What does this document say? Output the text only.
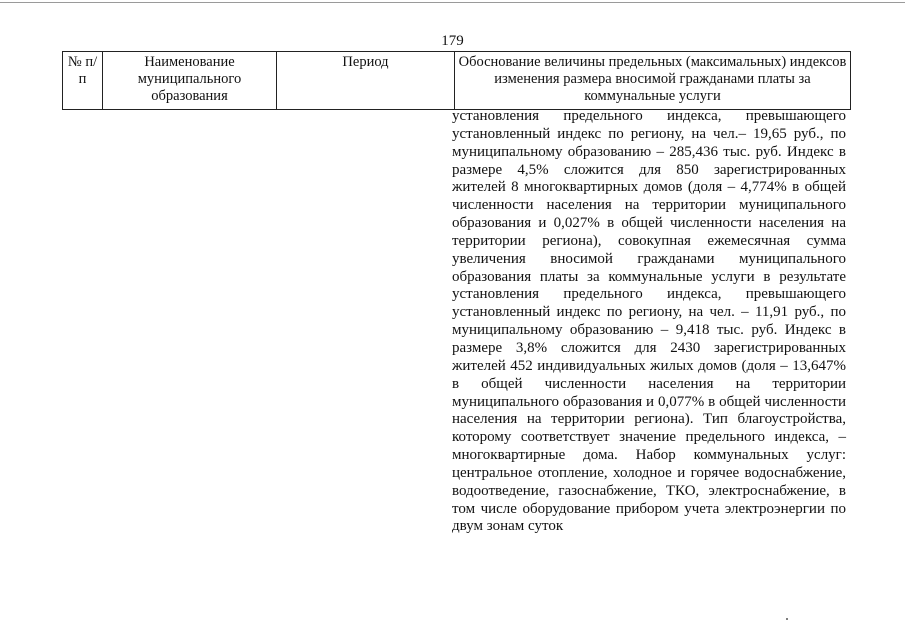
179
№ п/п	Наименование муниципального образования	Период	Обоснование величины предельных (максимальных) индексов изменения размера вносимой гражданами платы за коммунальные услуги
установления предельного индекса, превышающего установленный индекс по региону, на чел.– 19,65 руб., по муниципальному образованию – 285,436 тыс. руб. Индекс в размере 4,5% сложится для 850 зарегистрированных жителей 8 многоквартирных домов (доля – 4,774% в общей численности населения на территории муниципального образования и 0,027% в общей численности населения на территории региона), совокупная ежемесячная сумма увеличения вносимой гражданами муниципального образования платы за коммунальные услуги в результате установления предельного индекса, превышающего установленный индекс по региону, на чел. – 11,91 руб., по муниципальному образованию – 9,418 тыс. руб. Индекс в размере 3,8% сложится для 2430 зарегистрированных жителей 452 индивидуальных жилых домов (доля – 13,647% в общей численности населения на территории муниципального образования и 0,077% в общей численности населения на территории региона). Тип благоустройства, которому соответствует значение предельного индекса, – многоквартирные дома. Набор коммунальных услуг: центральное отопление, холодное и горячее водоснабжение, водоотведение, газоснабжение, ТКО, электроснабжение, в том числе оборудование прибором учета электроэнергии по двум зонам суток
